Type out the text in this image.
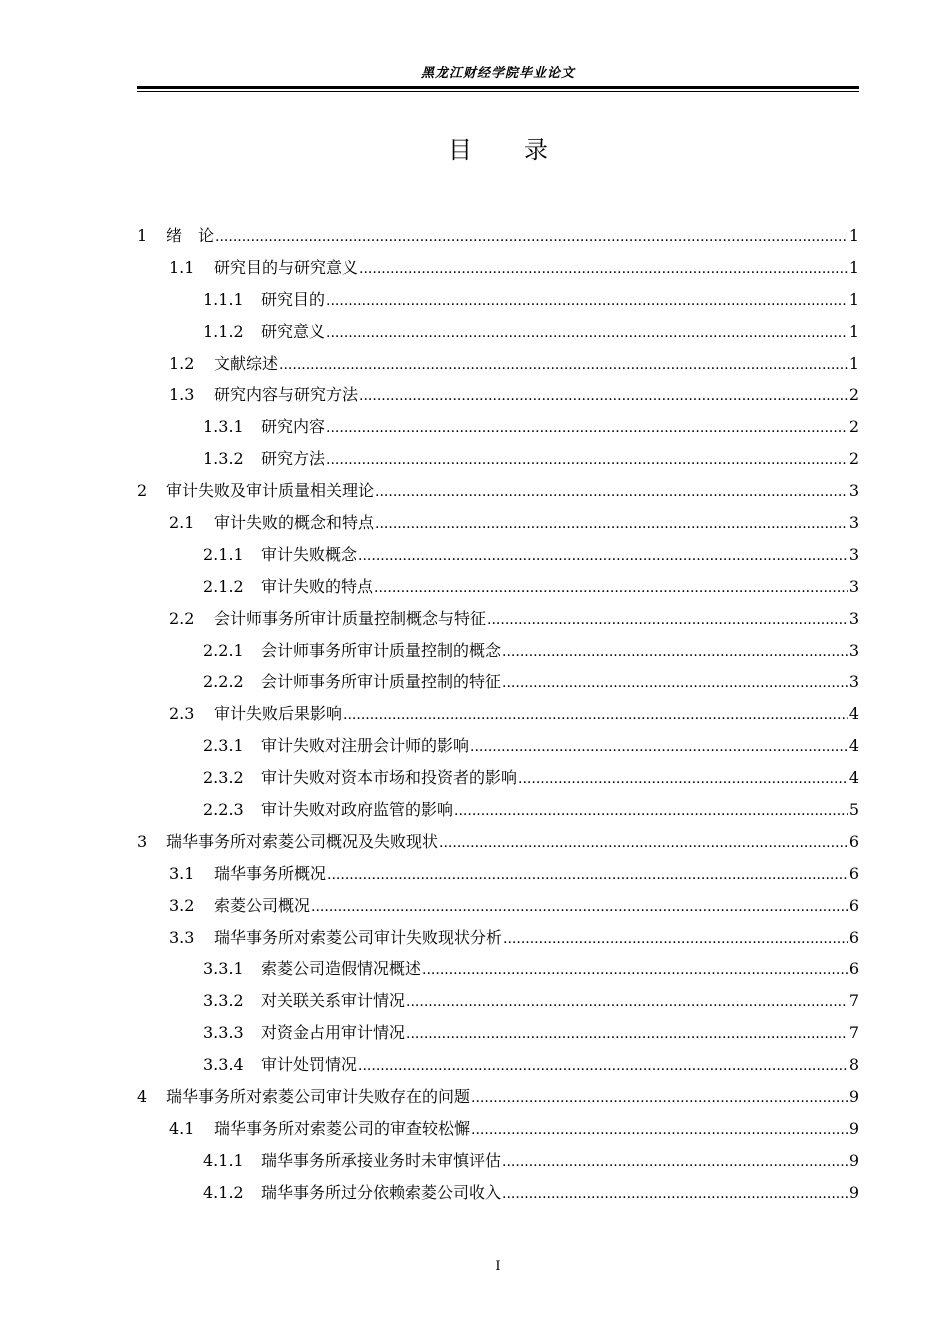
黑龙江财经学院毕业论文
目 录
1	绪　论 .....	1
1.1	研究目的与研究意义 .....	1
1.1.1	研究目的 .....	1
1.1.2	研究意义 .....	1
1.2	文献综述 .....	1
1.3	研究内容与研究方法 .....	2
1.3.1	研究内容 .....	2
1.3.2	研究方法 .....	2
2	审计失败及审计质量相关理论 .....	3
2.1	审计失败的概念和特点 .....	3
2.1.1	审计失败概念 .....	3
2.1.2	审计失败的特点 .....	3
2.2	会计师事务所审计质量控制概念与特征 .....	3
2.2.1	会计师事务所审计质量控制的概念 .....	3
2.2.2	会计师事务所审计质量控制的特征 .....	3
2.3	审计失败后果影响 .....	4
2.3.1	审计失败对注册会计师的影响 .....	4
2.3.2	审计失败对资本市场和投资者的影响 .....	4
2.2.3	审计失败对政府监管的影响 .....	5
3	瑞华事务所对索菱公司概况及失败现状 .....	6
3.1	瑞华事务所概况 .....	6
3.2	索菱公司概况 .....	6
3.3	瑞华事务所对索菱公司审计失败现状分析 .....	6
3.3.1	索菱公司造假情况概述 .....	6
3.3.2	对关联关系审计情况 .....	7
3.3.3	对资金占用审计情况 .....	7
3.3.4	审计处罚情况 .....	8
4	瑞华事务所对索菱公司审计失败存在的问题 .....	9
4.1	瑞华事务所对索菱公司的审查较松懈 .....	9
4.1.1	瑞华事务所承接业务时未审慎评估 .....	9
4.1.2	瑞华事务所过分依赖索菱公司收入 .....	9
I
